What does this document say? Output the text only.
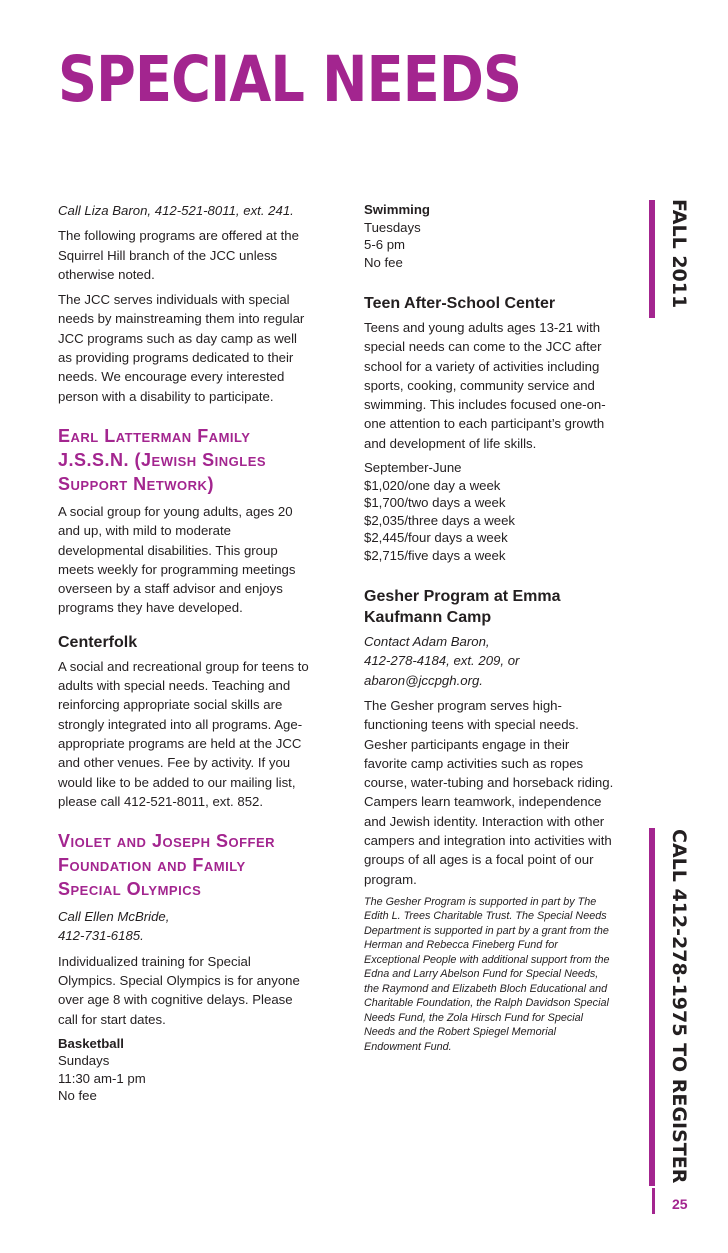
SPECIAL NEEDS

Call Liza Baron, 412-521-8011, ext. 241.

The following programs are offered at the Squirrel Hill branch of the JCC unless otherwise noted.

The JCC serves individuals with special needs by mainstreaming them into regular JCC programs such as day camp as well as providing programs dedicated to their needs. We encourage every interested person with a disability to participate.

Earl Latterman Family
J.S.S.N. (Jewish Singles
Support Network)

A social group for young adults, ages 20 and up, with mild to moderate developmental disabilities. This group meets weekly for programming meetings overseen by a staff advisor and enjoys programs they have developed.

Centerfolk

A social and recreational group for teens to adults with special needs. Teaching and reinforcing appropriate social skills are strongly integrated into all programs. Age-appropriate programs are held at the JCC and other venues. Fee by activity. If you would like to be added to our mailing list, please call 412-521-8011, ext. 852.

Violet and Joseph Soffer
Foundation and Family
Special Olympics

Call Ellen McBride,
412-731-6185.

Individualized training for Special Olympics. Special Olympics is for anyone over age 8 with cognitive delays. Please call for start dates.

Basketball
Sundays
11:30 am-1 pm
No fee
Swimming
Tuesdays
5-6 pm
No fee
Teen After-School Center

Teens and young adults ages 13-21 with special needs can come to the JCC after school for a variety of activities including sports, cooking, community service and swimming. This includes focused one-on-one attention to each participant’s growth and development of life skills.

September-June
$1,020/one day a week
$1,700/two days a week
$2,035/three days a week
$2,445/four days a week
$2,715/five days a week
Gesher Program at Emma
Kaufmann Camp

Contact Adam Baron,
412-278-4184, ext. 209, or
abaron@jccpgh.org.

The Gesher program serves high-functioning teens with special needs. Gesher participants engage in their favorite camp activities such as ropes course, water-tubing and horseback riding. Campers learn teamwork, independence and Jewish identity. Interaction with other campers and integration into activities with groups of all ages is a focal point of our program.

The Gesher Program is supported in part by The Edith L. Trees Charitable Trust. The Special Needs Department is supported in part by a grant from the Herman and Rebecca Fineberg Fund for Exceptional People with additional support from the Edna and Larry Abelson Fund for Special Needs, the Raymond and Elizabeth Bloch Educational and Charitable Foundation, the Ralph Davidson Special Needs Fund, the Zola Hirsch Fund for Special Needs and the Robert Spiegel Memorial Endowment Fund.

FALL 2011
CALL 412-278-1975 TO REGISTER
25
